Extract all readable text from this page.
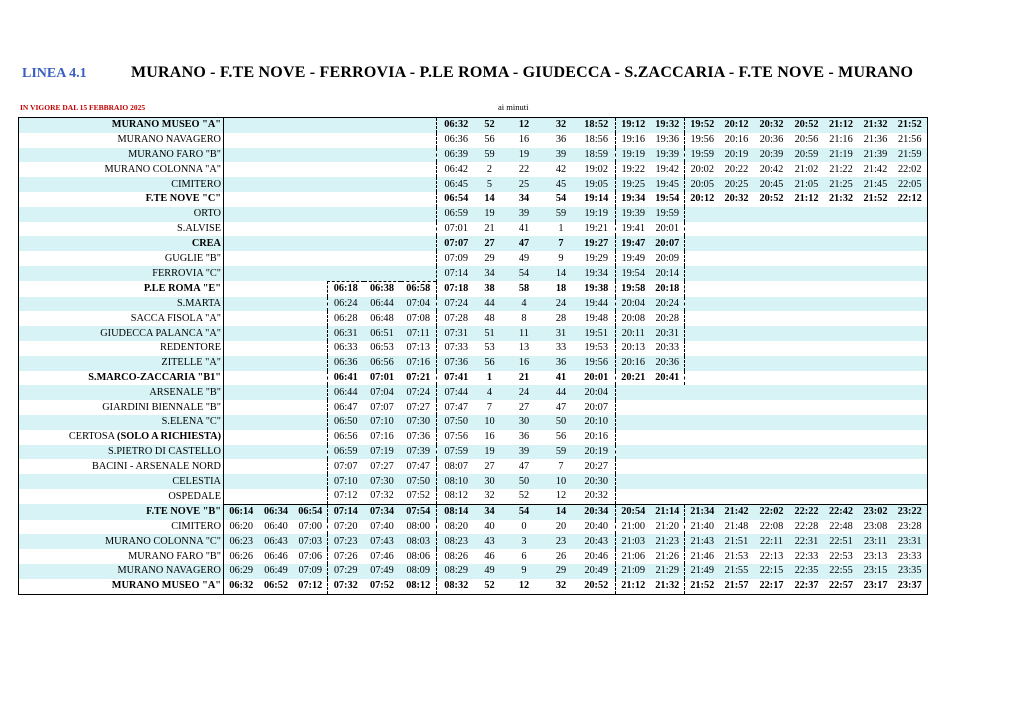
LINEA 4.1	MURANO - F.TE NOVE - FERROVIA - P.LE ROMA - GIUDECCA - S.ZACCARIA - F.TE NOVE - MURANO
IN VIGORE DAL 15 FEBBRAIO 2025	ai minuti
MURANO MUSEO "A"							06:32	52	12	32	18:52	19:12	19:32	19:52	20:12	20:32	20:52	21:12	21:32	21:52
MURANO NAVAGERO							06:36	56	16	36	18:56	19:16	19:36	19:56	20:16	20:36	20:56	21:16	21:36	21:56
MURANO FARO "B"							06:39	59	19	39	18:59	19:19	19:39	19:59	20:19	20:39	20:59	21:19	21:39	21:59
MURANO COLONNA "A"							06:42	2	22	42	19:02	19:22	19:42	20:02	20:22	20:42	21:02	21:22	21:42	22:02
CIMITERO							06:45	5	25	45	19:05	19:25	19:45	20:05	20:25	20:45	21:05	21:25	21:45	22:05
F.TE NOVE "C"							06:54	14	34	54	19:14	19:34	19:54	20:12	20:32	20:52	21:12	21:32	21:52	22:12
ORTO							06:59	19	39	59	19:19	19:39	19:59							
S.ALVISE							07:01	21	41	1	19:21	19:41	20:01							
CREA							07:07	27	47	7	19:27	19:47	20:07							
GUGLIE "B"							07:09	29	49	9	19:29	19:49	20:09							
FERROVIA "C"							07:14	34	54	14	19:34	19:54	20:14							
P.LE ROMA "E"				06:18	06:38	06:58	07:18	38	58	18	19:38	19:58	20:18							
S.MARTA				06:24	06:44	07:04	07:24	44	4	24	19:44	20:04	20:24							
SACCA FISOLA "A"				06:28	06:48	07:08	07:28	48	8	28	19:48	20:08	20:28							
GIUDECCA PALANCA "A"				06:31	06:51	07:11	07:31	51	11	31	19:51	20:11	20:31							
REDENTORE				06:33	06:53	07:13	07:33	53	13	33	19:53	20:13	20:33							
ZITELLE "A"				06:36	06:56	07:16	07:36	56	16	36	19:56	20:16	20:36							
S.MARCO-ZACCARIA "B1"				06:41	07:01	07:21	07:41	1	21	41	20:01	20:21	20:41							
ARSENALE "B"				06:44	07:04	07:24	07:44	4	24	44	20:04									
GIARDINI BIENNALE "B"				06:47	07:07	07:27	07:47	7	27	47	20:07									
S.ELENA "C"				06:50	07:10	07:30	07:50	10	30	50	20:10									
CERTOSA (SOLO A RICHIESTA)				06:56	07:16	07:36	07:56	16	36	56	20:16									
S.PIETRO DI CASTELLO				06:59	07:19	07:39	07:59	19	39	59	20:19									
BACINI - ARSENALE NORD				07:07	07:27	07:47	08:07	27	47	7	20:27									
CELESTIA				07:10	07:30	07:50	08:10	30	50	10	20:30									
OSPEDALE				07:12	07:32	07:52	08:12	32	52	12	20:32									
F.TE NOVE "B"	06:14	06:34	06:54	07:14	07:34	07:54	08:14	34	54	14	20:34	20:54	21:14	21:34	21:42	22:02	22:22	22:42	23:02	23:22
CIMITERO	06:20	06:40	07:00	07:20	07:40	08:00	08:20	40	0	20	20:40	21:00	21:20	21:40	21:48	22:08	22:28	22:48	23:08	23:28
MURANO COLONNA "C"	06:23	06:43	07:03	07:23	07:43	08:03	08:23	43	3	23	20:43	21:03	21:23	21:43	21:51	22:11	22:31	22:51	23:11	23:31
MURANO FARO "B"	06:26	06:46	07:06	07:26	07:46	08:06	08:26	46	6	26	20:46	21:06	21:26	21:46	21:53	22:13	22:33	22:53	23:13	23:33
MURANO NAVAGERO	06:29	06:49	07:09	07:29	07:49	08:09	08:29	49	9	29	20:49	21:09	21:29	21:49	21:55	22:15	22:35	22:55	23:15	23:35
MURANO MUSEO "A"	06:32	06:52	07:12	07:32	07:52	08:12	08:32	52	12	32	20:52	21:12	21:32	21:52	21:57	22:17	22:37	22:57	23:17	23:37
